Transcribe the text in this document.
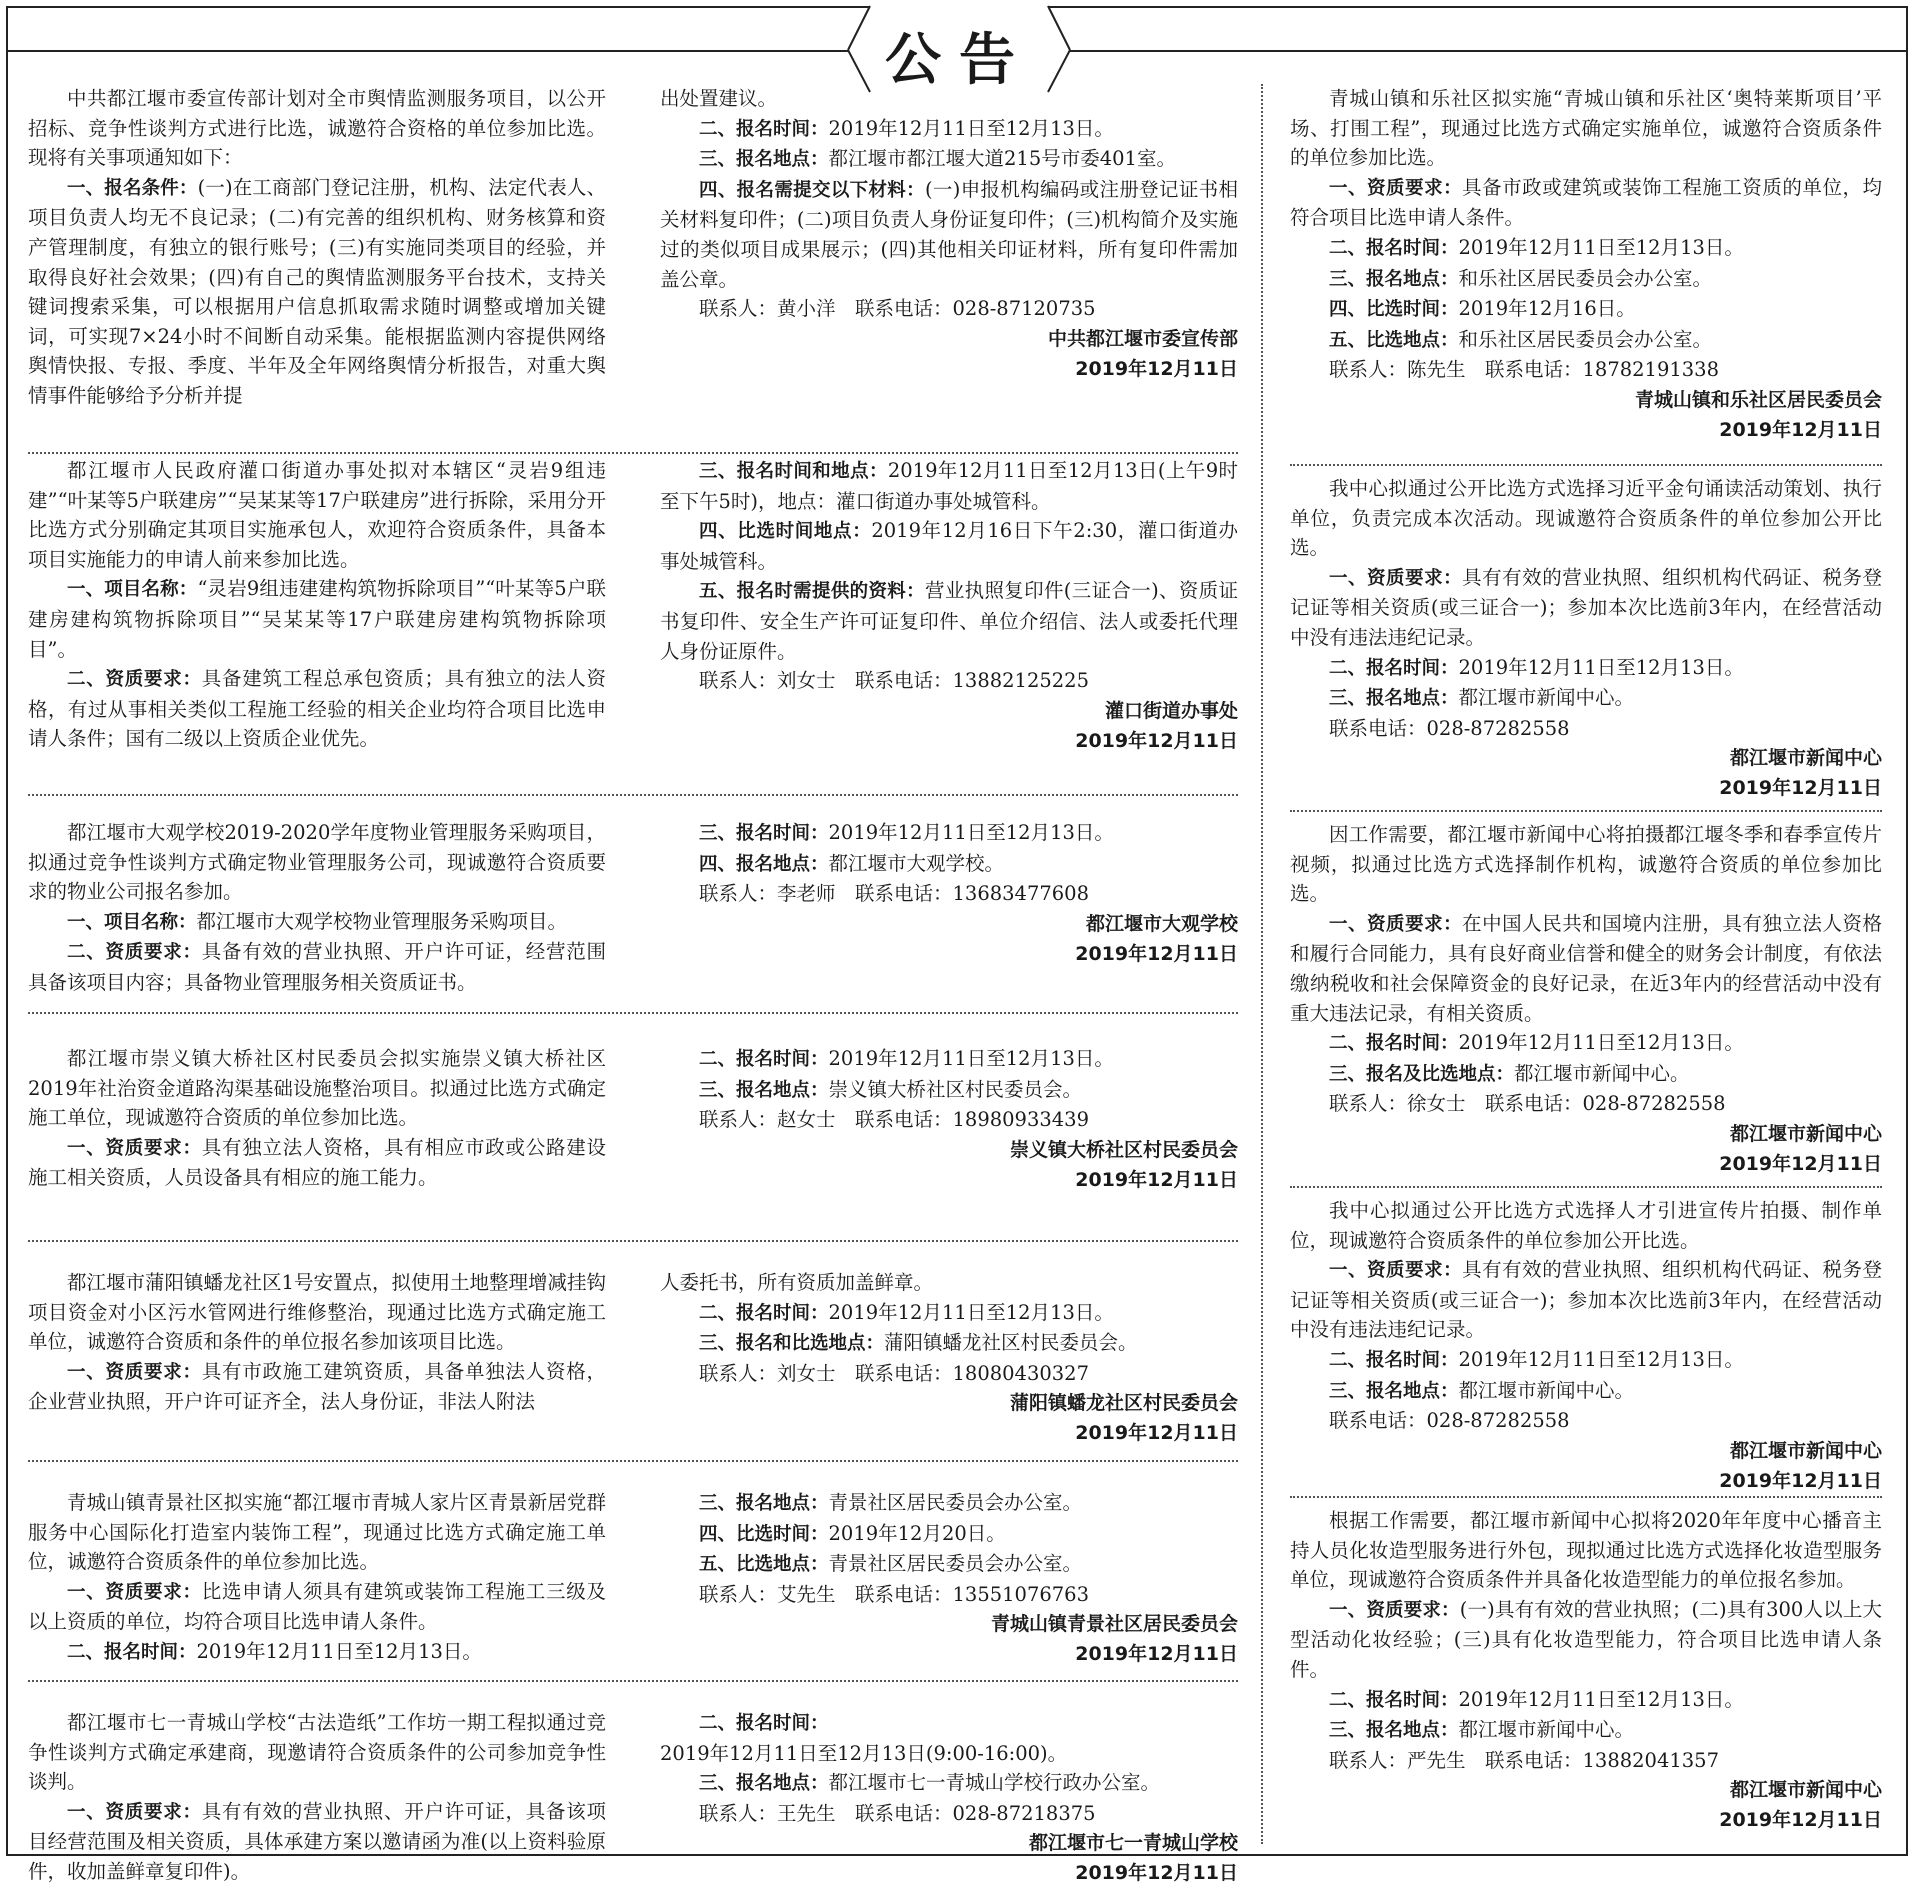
公告

中共都江堰市委宣传部计划对全市舆情监测服务项目，以公开招标、竞争性谈判方式进行比选，诚邀符合资格的单位参加比选。现将有关事项通知如下：

一、报名条件：(一)在工商部门登记注册，机构、法定代表人、项目负责人均无不良记录；(二)有完善的组织机构、财务核算和资产管理制度，有独立的银行账号；(三)有实施同类项目的经验，并取得良好社会效果；(四)有自己的舆情监测服务平台技术，支持关键词搜索采集，可以根据用户信息抓取需求随时调整或增加关键词，可实现7×24小时不间断自动采集。能根据监测内容提供网络舆情快报、专报、季度、半年及全年网络舆情分析报告，对重大舆情事件能够给予分析并提

出处置建议。

二、报名时间：2019年12月11日至12月13日。

三、报名地点：都江堰市都江堰大道215号市委401室。

四、报名需提交以下材料：(一)申报机构编码或注册登记证书相关材料复印件；(二)项目负责人身份证复印件；(三)机构简介及实施过的类似项目成果展示；(四)其他相关印证材料，所有复印件需加盖公章。

联系人：黄小洋　联系电话：028-87120735

中共都江堰市委宣传部
2019年12月11日

都江堰市人民政府灌口街道办事处拟对本辖区“灵岩9组违建”“叶某等5户联建房”“吴某某等17户联建房”进行拆除，采用分开比选方式分别确定其项目实施承包人，欢迎符合资质条件，具备本项目实施能力的申请人前来参加比选。

一、项目名称：“灵岩9组违建建构筑物拆除项目”“叶某等5户联建房建构筑物拆除项目”“吴某某等17户联建房建构筑物拆除项目”。

二、资质要求：具备建筑工程总承包资质；具有独立的法人资格，有过从事相关类似工程施工经验的相关企业均符合项目比选申请人条件；国有二级以上资质企业优先。

三、报名时间和地点：2019年12月11日至12月13日(上午9时至下午5时)，地点：灌口街道办事处城管科。

四、比选时间地点：2019年12月16日下午2:30，灌口街道办事处城管科。

五、报名时需提供的资料：营业执照复印件(三证合一)、资质证书复印件、安全生产许可证复印件、单位介绍信、法人或委托代理人身份证原件。

联系人：刘女士　联系电话：13882125225

灌口街道办事处
2019年12月11日

都江堰市大观学校2019-2020学年度物业管理服务采购项目，拟通过竞争性谈判方式确定物业管理服务公司，现诚邀符合资质要求的物业公司报名参加。

一、项目名称：都江堰市大观学校物业管理服务采购项目。

二、资质要求：具备有效的营业执照、开户许可证，经营范围具备该项目内容；具备物业管理服务相关资质证书。

三、报名时间：2019年12月11日至12月13日。

四、报名地点：都江堰市大观学校。

联系人：李老师　联系电话：13683477608

都江堰市大观学校
2019年12月11日

都江堰市崇义镇大桥社区村民委员会拟实施崇义镇大桥社区2019年社治资金道路沟渠基础设施整治项目。拟通过比选方式确定施工单位，现诚邀符合资质的单位参加比选。

一、资质要求：具有独立法人资格，具有相应市政或公路建设施工相关资质，人员设备具有相应的施工能力。

二、报名时间：2019年12月11日至12月13日。

三、报名地点：崇义镇大桥社区村民委员会。

联系人：赵女士　联系电话：18980933439

崇义镇大桥社区村民委员会
2019年12月11日

都江堰市蒲阳镇蟠龙社区1号安置点，拟使用土地整理增减挂钩项目资金对小区污水管网进行维修整治，现通过比选方式确定施工单位，诚邀符合资质和条件的单位报名参加该项目比选。

一、资质要求：具有市政施工建筑资质，具备单独法人资格，企业营业执照，开户许可证齐全，法人身份证，非法人附法

人委托书，所有资质加盖鲜章。

二、报名时间：2019年12月11日至12月13日。

三、报名和比选地点：蒲阳镇蟠龙社区村民委员会。

联系人：刘女士　联系电话：18080430327

蒲阳镇蟠龙社区村民委员会
2019年12月11日

青城山镇青景社区拟实施“都江堰市青城人家片区青景新居党群服务中心国际化打造室内装饰工程”，现通过比选方式确定施工单位，诚邀符合资质条件的单位参加比选。

一、资质要求：比选申请人须具有建筑或装饰工程施工三级及以上资质的单位，均符合项目比选申请人条件。

二、报名时间：2019年12月11日至12月13日。

三、报名地点：青景社区居民委员会办公室。

四、比选时间：2019年12月20日。

五、比选地点：青景社区居民委员会办公室。

联系人：艾先生　联系电话：13551076763

青城山镇青景社区居民委员会
2019年12月11日

都江堰市七一青城山学校“古法造纸”工作坊一期工程拟通过竞争性谈判方式确定承建商，现邀请符合资质条件的公司参加竞争性谈判。

一、资质要求：具有有效的营业执照、开户许可证，具备该项目经营范围及相关资质，具体承建方案以邀请函为准(以上资料验原件，收加盖鲜章复印件)。

二、报名时间：

2019年12月11日至12月13日(9:00-16:00)。

三、报名地点：都江堰市七一青城山学校行政办公室。

联系人：王先生　联系电话：028-87218375

都江堰市七一青城山学校
2019年12月11日

青城山镇和乐社区拟实施“青城山镇和乐社区‘奥特莱斯项目’平场、打围工程”，现通过比选方式确定实施单位，诚邀符合资质条件的单位参加比选。

一、资质要求：具备市政或建筑或装饰工程施工资质的单位，均符合项目比选申请人条件。

二、报名时间：2019年12月11日至12月13日。

三、报名地点：和乐社区居民委员会办公室。

四、比选时间：2019年12月16日。

五、比选地点：和乐社区居民委员会办公室。

联系人：陈先生　联系电话：18782191338

青城山镇和乐社区居民委员会
2019年12月11日

我中心拟通过公开比选方式选择习近平金句诵读活动策划、执行单位，负责完成本次活动。现诚邀符合资质条件的单位参加公开比选。

一、资质要求：具有有效的营业执照、组织机构代码证、税务登记证等相关资质(或三证合一)；参加本次比选前3年内，在经营活动中没有违法违纪记录。

二、报名时间：2019年12月11日至12月13日。

三、报名地点：都江堰市新闻中心。

联系电话：028-87282558

都江堰市新闻中心
2019年12月11日

因工作需要，都江堰市新闻中心将拍摄都江堰冬季和春季宣传片视频，拟通过比选方式选择制作机构，诚邀符合资质的单位参加比选。

一、资质要求：在中国人民共和国境内注册，具有独立法人资格和履行合同能力，具有良好商业信誉和健全的财务会计制度，有依法缴纳税收和社会保障资金的良好记录，在近3年内的经营活动中没有重大违法记录，有相关资质。

二、报名时间：2019年12月11日至12月13日。

三、报名及比选地点：都江堰市新闻中心。

联系人：徐女士　联系电话：028-87282558

都江堰市新闻中心
2019年12月11日

我中心拟通过公开比选方式选择人才引进宣传片拍摄、制作单位，现诚邀符合资质条件的单位参加公开比选。

一、资质要求：具有有效的营业执照、组织机构代码证、税务登记证等相关资质(或三证合一)；参加本次比选前3年内，在经营活动中没有违法违纪记录。

二、报名时间：2019年12月11日至12月13日。

三、报名地点：都江堰市新闻中心。

联系电话：028-87282558

都江堰市新闻中心
2019年12月11日

根据工作需要，都江堰市新闻中心拟将2020年年度中心播音主持人员化妆造型服务进行外包，现拟通过比选方式选择化妆造型服务单位，现诚邀符合资质条件并具备化妆造型能力的单位报名参加。

一、资质要求：(一)具有有效的营业执照；(二)具有300人以上大型活动化妆经验；(三)具有化妆造型能力，符合项目比选申请人条件。

二、报名时间：2019年12月11日至12月13日。

三、报名地点：都江堰市新闻中心。

联系人：严先生　联系电话：13882041357

都江堰市新闻中心
2019年12月11日
